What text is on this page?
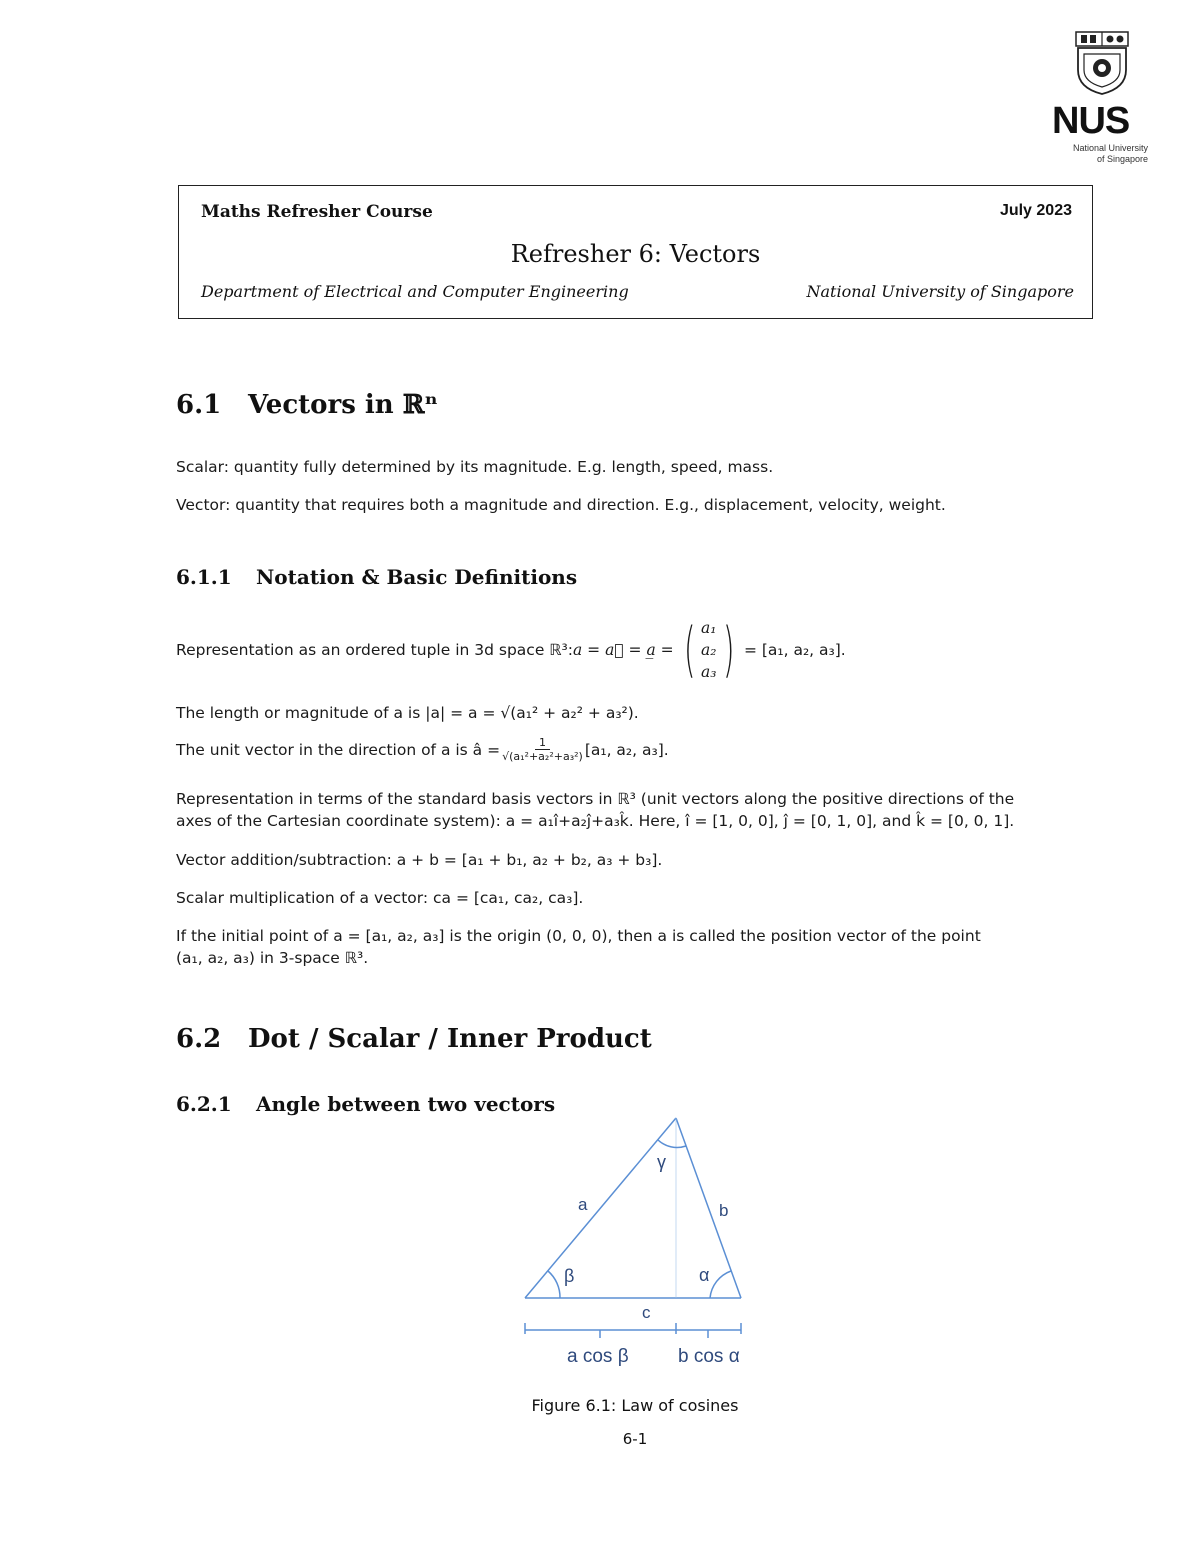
NUS
National University
of Singapore
Maths Refresher Course	July 2023
Refresher 6: Vectors
Department of Electrical and Computer Engineering	National University of Singapore
6.1 Vectors in ℝⁿ
Scalar: quantity fully determined by its magnitude. E.g. length, speed, mass.
Vector: quantity that requires both a magnitude and direction. E.g., displacement, velocity, weight.
6.1.1 Notation & Basic Definitions
Representation as an ordered tuple in 3d space ℝ³: a = a⃗ = a̲ = ( a₁
a₂
a₃ ) = [a₁, a₂, a₃].
The length or magnitude of a is |a| = a = √(a₁² + a₂² + a₃²).
The unit vector in the direction of a is â = $\frac{1}{\text{√(a₁²+a₂²+a₃²)}} [a_1$, a₂, a₃].
Representation in terms of the standard basis vectors in ℝ³ (unit vectors along the positive directions of the
axes of the Cartesian coordinate system): a = a₁î+a₂ĵ+a₃k̂. Here, î = [1, 0, 0], ĵ = [0, 1, 0], and k̂ = [0, 0, 1].
Vector addition/subtraction: a + b = [a₁ + b₁, a₂ + b₂, a₃ + b₃].
Scalar multiplication of a vector: ca = [ca₁, ca₂, ca₃].
If the initial point of a = [a₁, a₂, a₃] is the origin (0, 0, 0), then a is called the position vector of the point
(a₁, a₂, a₃) in 3-space ℝ³.
6.2 Dot / Scalar / Inner Product
6.2.1 Angle between two vectors
a	b
c
β	α
γ
a cos β	b cos α
Figure 6.1: Law of cosines
6-1
